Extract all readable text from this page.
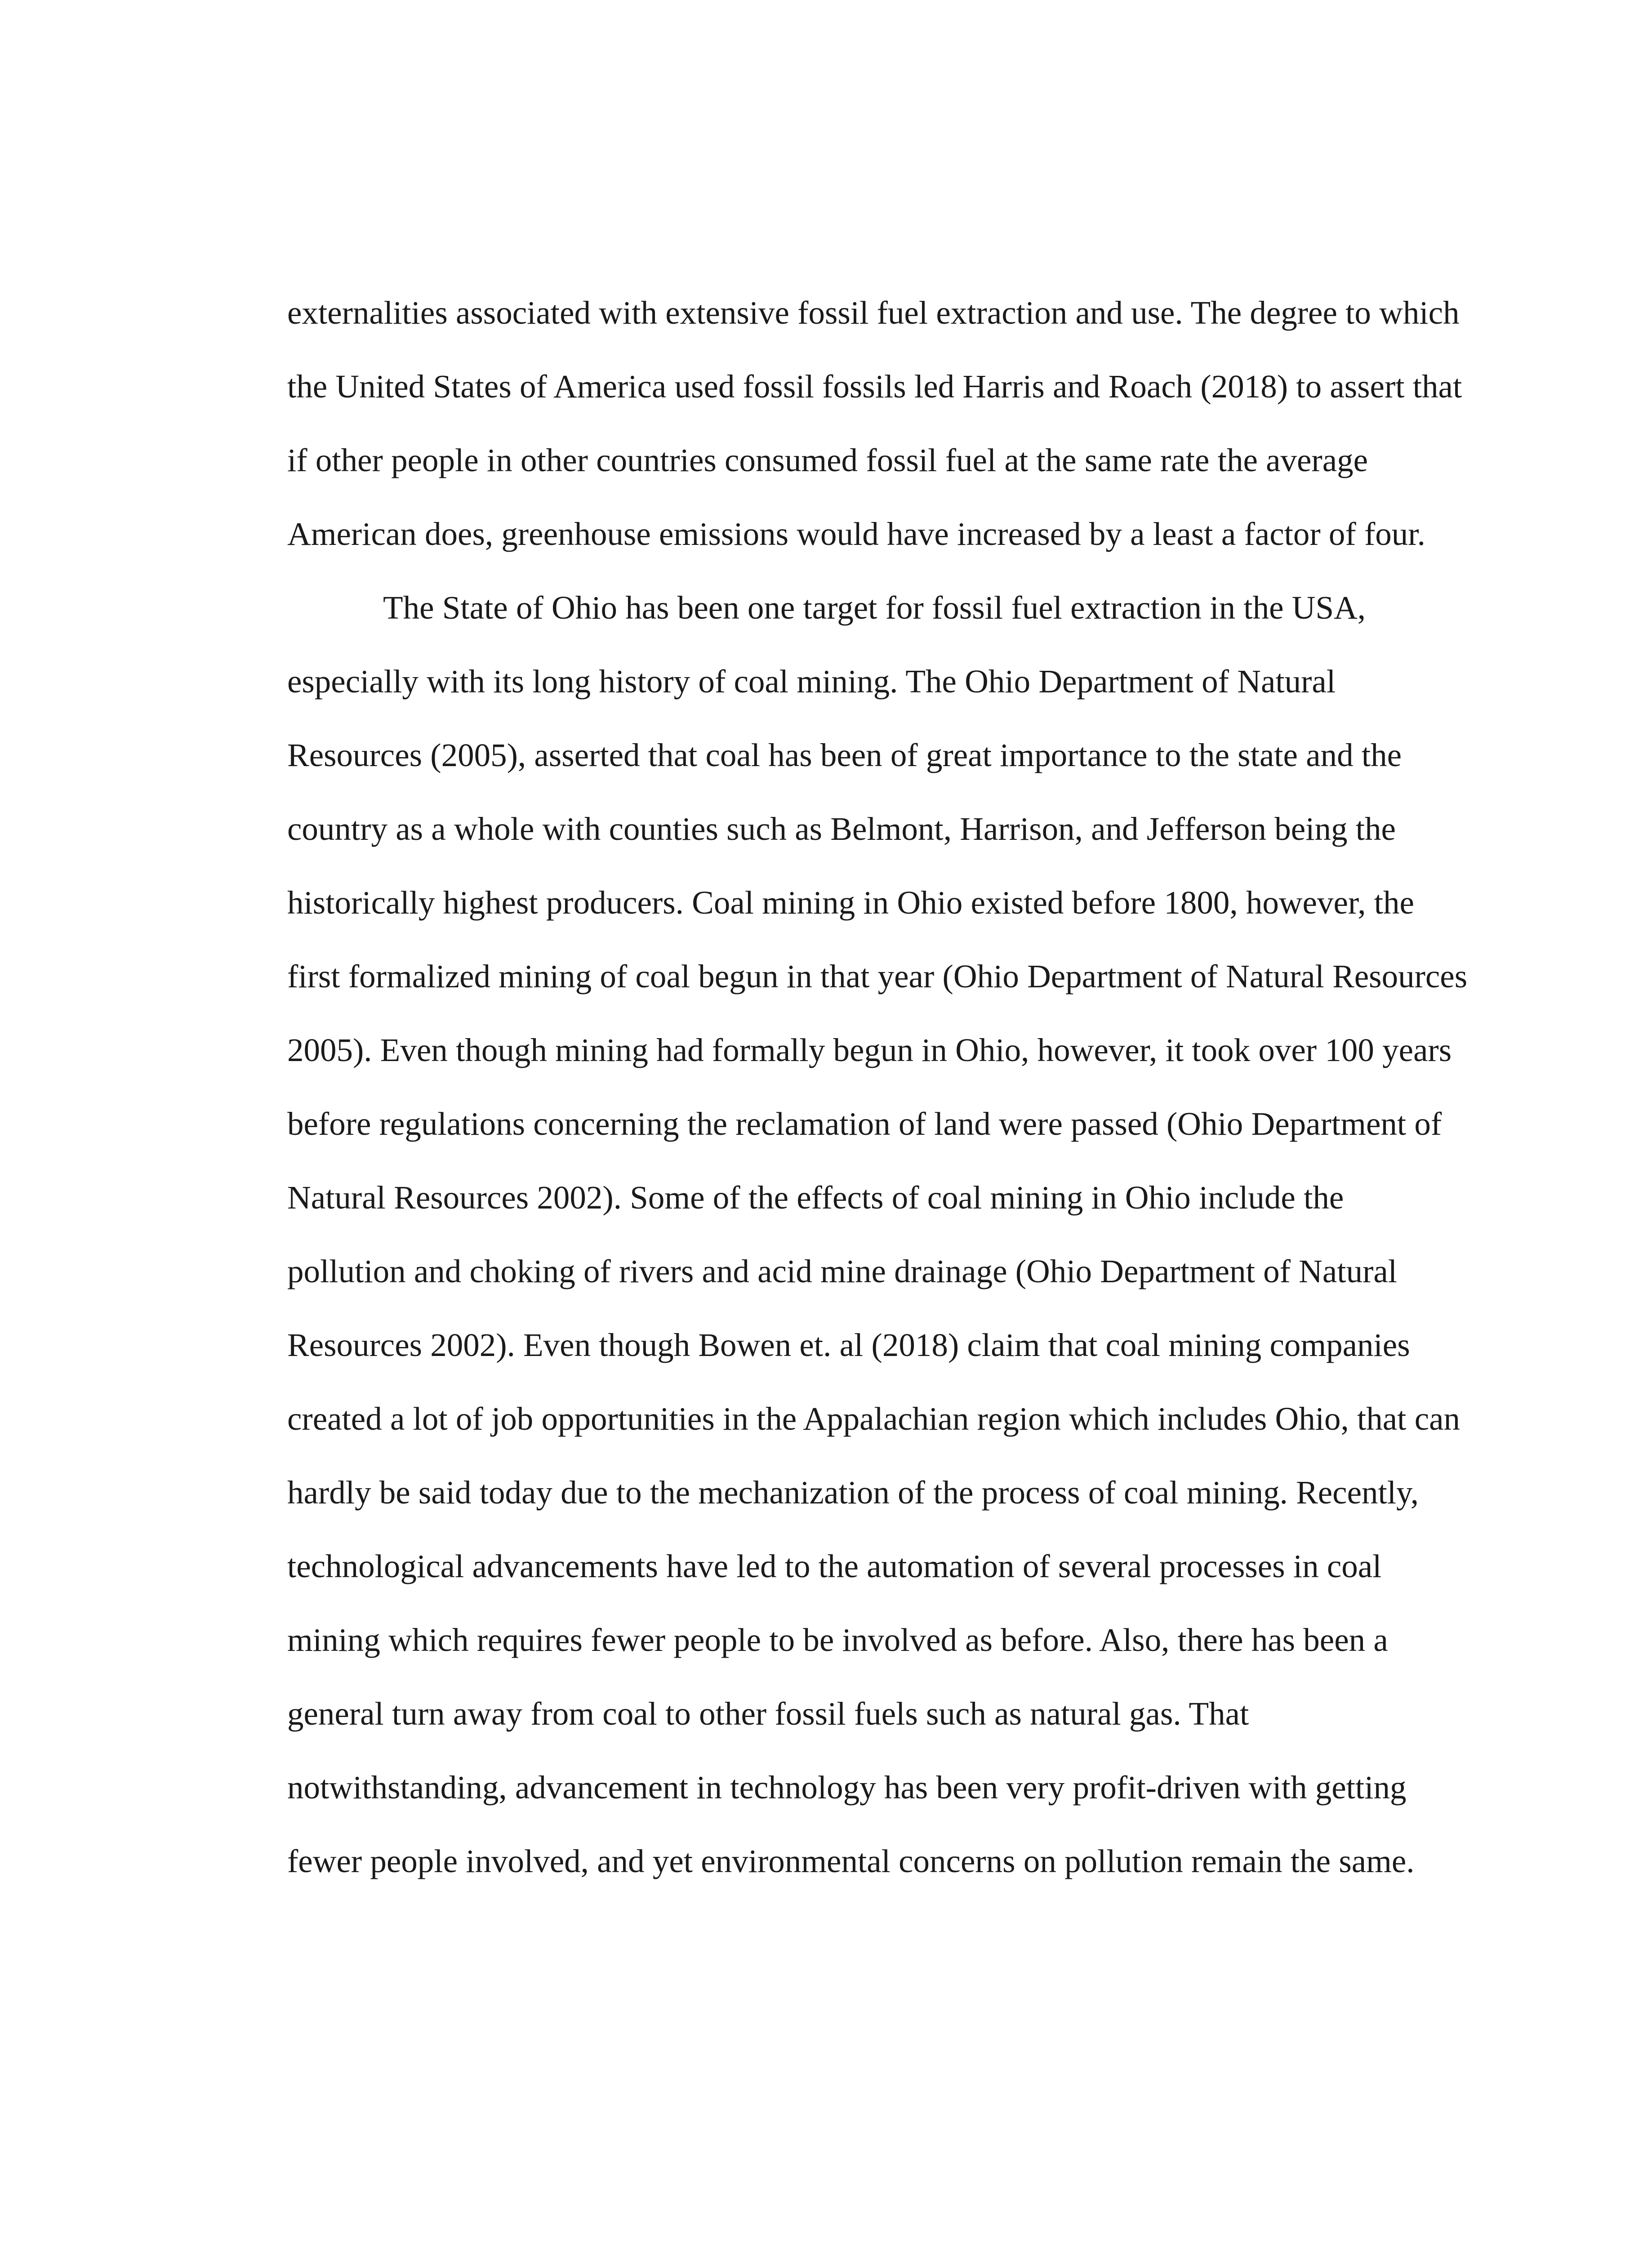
externalities associated with extensive fossil fuel extraction and use. The degree to which
the United States of America used fossil fossils led Harris and Roach (2018) to assert that
if other people in other countries consumed fossil fuel at the same rate the average
American does, greenhouse emissions would have increased by a least a factor of four.
The State of Ohio has been one target for fossil fuel extraction in the USA,
especially with its long history of coal mining. The Ohio Department of Natural
Resources (2005), asserted that coal has been of great importance to the state and the
country as a whole with counties such as Belmont, Harrison, and Jefferson being the
historically highest producers. Coal mining in Ohio existed before 1800, however, the
first formalized mining of coal begun in that year (Ohio Department of Natural Resources
2005). Even though mining had formally begun in Ohio, however, it took over 100 years
before regulations concerning the reclamation of land were passed (Ohio Department of
Natural Resources 2002). Some of the effects of coal mining in Ohio include the
pollution and choking of rivers and acid mine drainage (Ohio Department of Natural
Resources 2002). Even though Bowen et. al (2018) claim that coal mining companies
created a lot of job opportunities in the Appalachian region which includes Ohio, that can
hardly be said today due to the mechanization of the process of coal mining. Recently,
technological advancements have led to the automation of several processes in coal
mining which requires fewer people to be involved as before. Also, there has been a
general turn away from coal to other fossil fuels such as natural gas. That
notwithstanding, advancement in technology has been very profit-driven with getting
fewer people involved, and yet environmental concerns on pollution remain the same.
